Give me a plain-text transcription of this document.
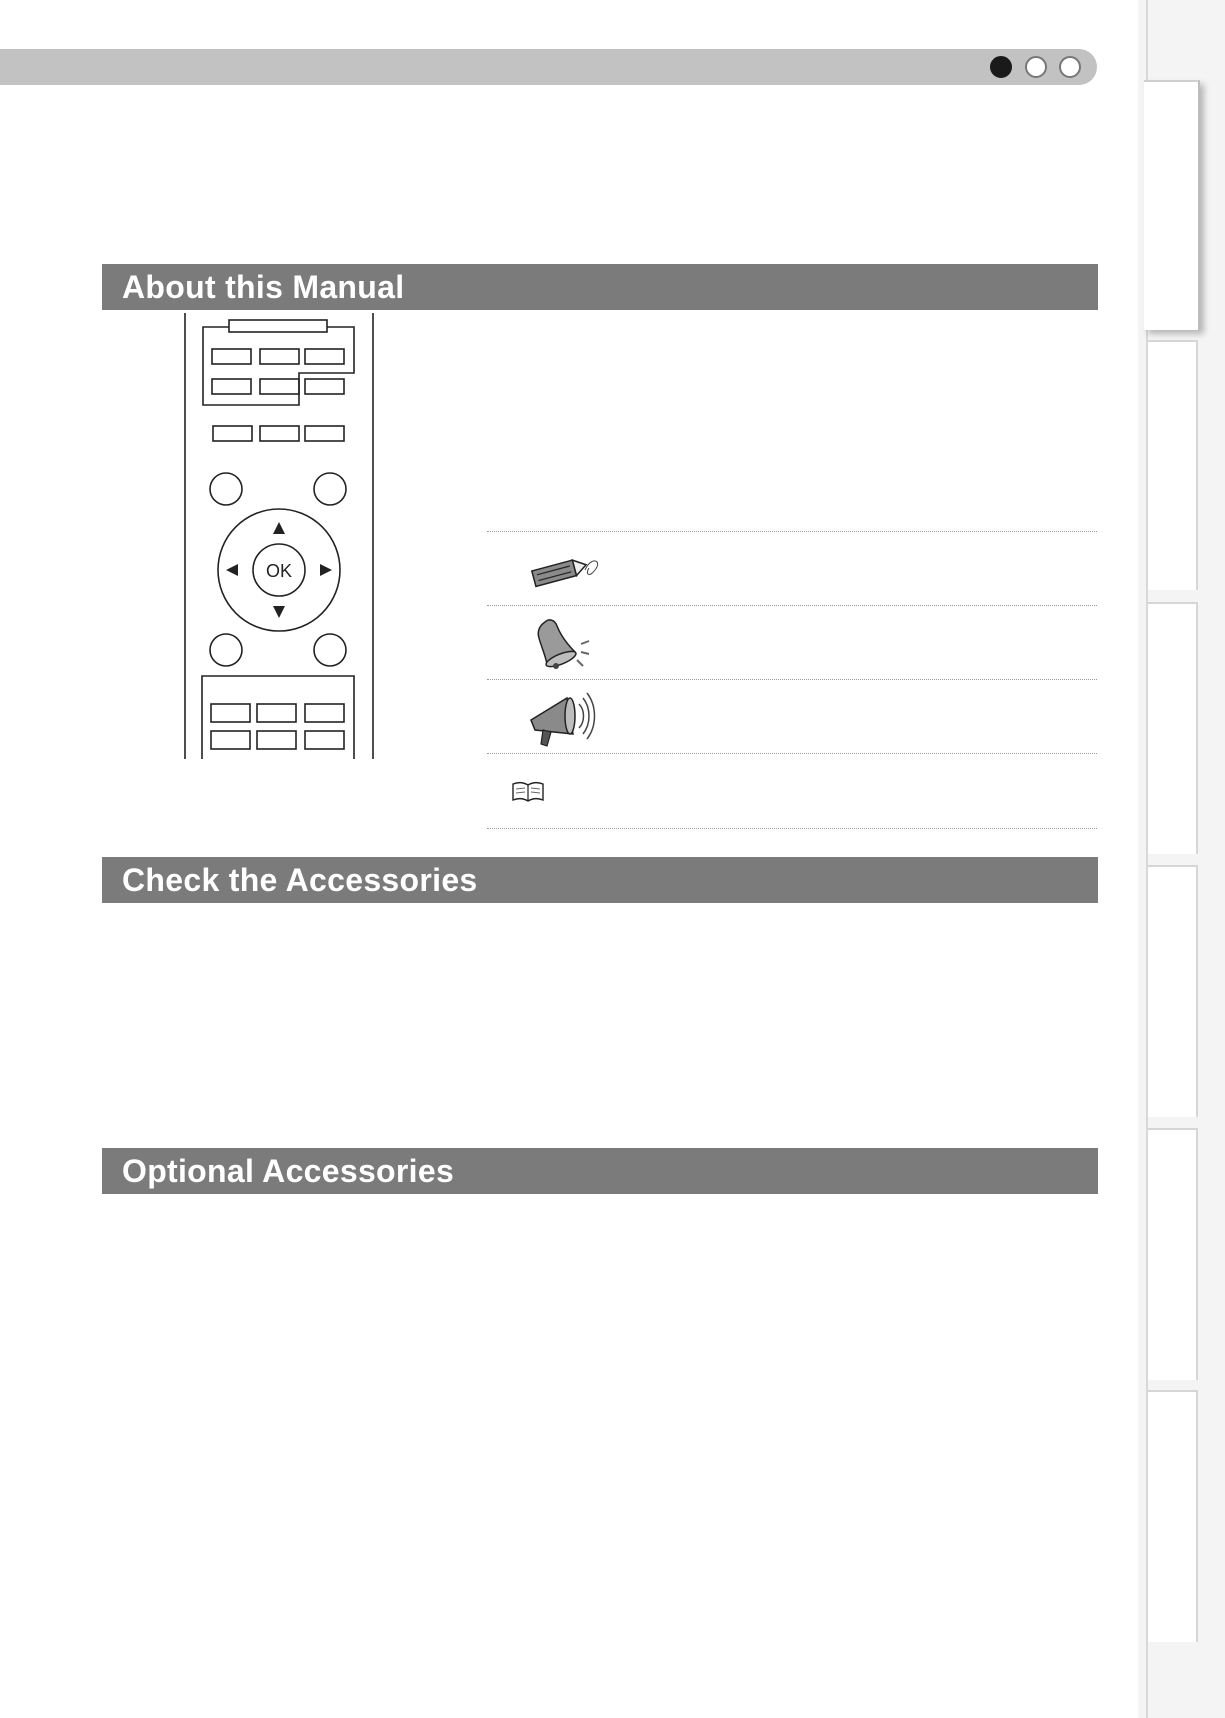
About this Manual
OK
Check the Accessories
Optional Accessories
